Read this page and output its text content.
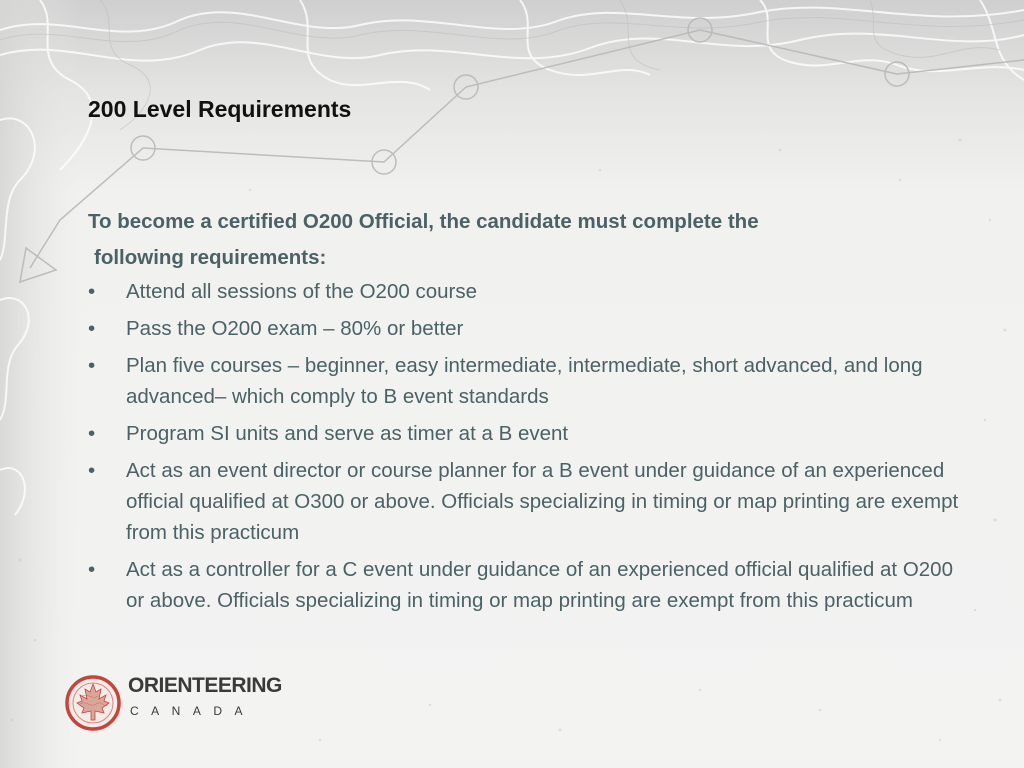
200 Level Requirements

To become a certified O200 Official, the candidate must complete the
following requirements:

• Attend all sessions of the O200 course
• Pass the O200 exam – 80% or better
• Plan five courses – beginner, easy intermediate, intermediate, short advanced, and long advanced– which comply to B event standards
• Program SI units and serve as timer at a B event
• Act as an event director or course planner for a B event under guidance of an experienced official qualified at O300 or above. Officials specializing in timing or map printing are exempt from this practicum
• Act as a controller for a C event under guidance of an experienced official qualified at O200 or above. Officials specializing in timing or map printing are exempt from this practicum
ORIENTEERING
CANADA
